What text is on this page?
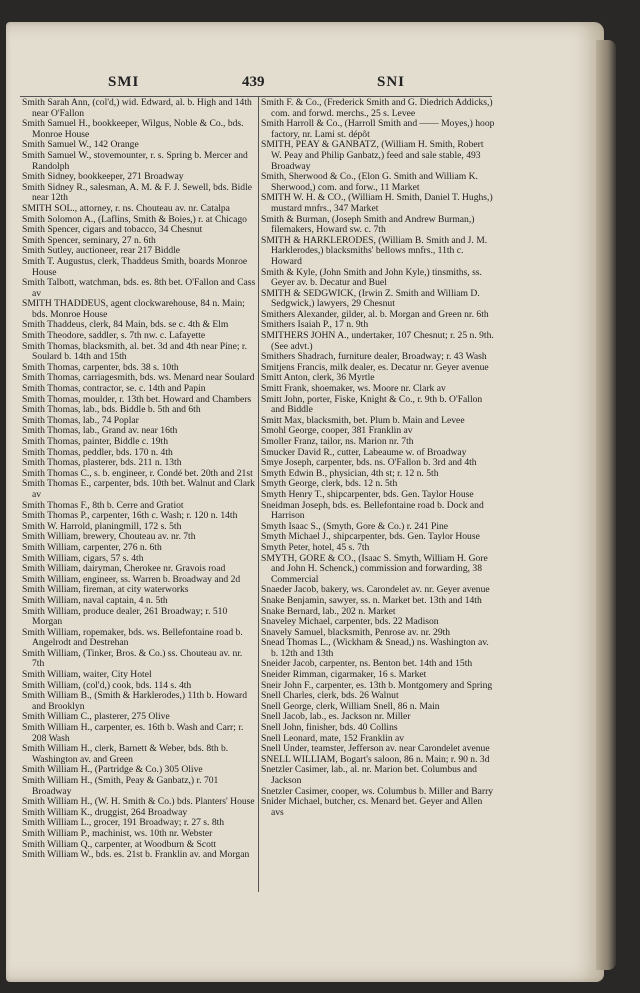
SMI	439	SNI

Smith Sarah Ann, (col'd,) wid. Edward, al. b. High and 14th near O'Fallon

Smith Samuel H., bookkeeper, Wilgus, Noble & Co., bds. Monroe House

Smith Samuel W., 142 Orange

Smith Samuel W., stovemounter, r. s. Spring b. Mercer and Randolph

Smith Sidney, bookkeeper, 271 Broadway

Smith Sidney R., salesman, A. M. & F. J. Sewell, bds. Bidle near 12th

SMITH SOL., attorney, r. ns. Chouteau av. nr. Catalpa

Smith Solomon A., (Laflins, Smith & Boies,) r. at Chicago

Smith Spencer, cigars and tobacco, 34 Chesnut

Smith Spencer, seminary, 27 n. 6th

Smith Sutley, auctioneer, rear 217 Biddle

Smith T. Augustus, clerk, Thaddeus Smith, boards Monroe House

Smith Talbott, watchman, bds. es. 8th bet. O'Fallon and Cass av

SMITH THADDEUS, agent clockwarehouse, 84 n. Main; bds. Monroe House

Smith Thaddeus, clerk, 84 Main, bds. se c. 4th & Elm

Smith Theodore, saddler, s. 7th nw. c. Lafayette

Smith Thomas, blacksmith, al. bet. 3d and 4th near Pine; r. Soulard b. 14th and 15th

Smith Thomas, carpenter, bds. 38 s. 10th

Smith Thomas, carriagesmith, bds. ws. Menard near Soulard

Smith Thomas, contractor, se. c. 14th and Papin

Smith Thomas, moulder, r. 13th bet. Howard and Chambers

Smith Thomas, lab., bds. Biddle b. 5th and 6th

Smith Thomas, lab., 74 Poplar

Smith Thomas, lab., Grand av. near 16th

Smith Thomas, painter, Biddle c. 19th

Smith Thomas, peddler, bds. 170 n. 4th

Smith Thomas, plasterer, bds. 211 n. 13th

Smith Thomas C., s. b. engineer, r. Condé bet. 20th and 21st

Smith Thomas E., carpenter, bds. 10th bet. Walnut and Clark av

Smith Thomas F., 8th b. Cerre and Gratiot

Smith Thomas P., carpenter, 16th c. Wash; r. 120 n. 14th

Smith W. Harrold, planingmill, 172 s. 5th

Smith William, brewery, Chouteau av. nr. 7th

Smith William, carpenter, 276 n. 6th

Smith William, cigars, 57 s. 4th

Smith William, dairyman, Cherokee nr. Gravois road

Smith William, engineer, ss. Warren b. Broadway and 2d

Smith William, fireman, at city waterworks

Smith William, naval captain, 4 n. 5th

Smith William, produce dealer, 261 Broadway; r. 510 Morgan

Smith William, ropemaker, bds. ws. Bellefontaine road b. Angelrodt and Destrehan

Smith William, (Tinker, Bros. & Co.) ss. Chouteau av. nr. 7th

Smith William, waiter, City Hotel

Smith William, (col'd,) cook, bds. 114 s. 4th

Smith William B., (Smith & Harklerodes,) 11th b. Howard and Brooklyn

Smith William C., plasterer, 275 Olive

Smith William H., carpenter, es. 16th b. Wash and Carr; r. 208 Wash

Smith William H., clerk, Barnett & Weber, bds. 8th b. Washington av. and Green

Smith William H., (Partridge & Co.) 305 Olive

Smith William H., (Smith, Peay & Ganbatz,) r. 701 Broadway

Smith William H., (W. H. Smith & Co.) bds. Planters' House

Smith William K., druggist, 264 Broadway

Smith William L., grocer, 191 Broadway; r. 27 s. 8th

Smith William P., machinist, ws. 10th nr. Webster

Smith William Q., carpenter, at Woodburn & Scott

Smith William W., bds. es. 21st b. Franklin av. and Morgan

Smith F. & Co., (Frederick Smith and G. Diedrich Addicks,) com. and forwd. merchs., 25 s. Levee

Smith Harroll & Co., (Harroll Smith and —— Moyes,) hoop factory, nr. Lami st. dépôt

SMITH, PEAY & GANBATZ, (William H. Smith, Robert W. Peay and Philip Ganbatz,) feed and sale stable, 493 Broadway

Smith, Sherwood & Co., (Elon G. Smith and William K. Sherwood,) com. and forw., 11 Market

SMITH W. H. & CO., (William H. Smith, Daniel T. Hughs,) mustard mnfrs., 347 Market

Smith & Burman, (Joseph Smith and Andrew Burman,) filemakers, Howard sw. c. 7th

SMITH & HARKLERODES, (William B. Smith and J. M. Harklerodes,) blacksmiths' bellows mnfrs., 11th c. Howard

Smith & Kyle, (John Smith and John Kyle,) tinsmiths, ss. Geyer av. b. Decatur and Buel

SMITH & SEDGWICK, (Irwin Z. Smith and William D. Sedgwick,) lawyers, 29 Chesnut

Smithers Alexander, gilder, al. b. Morgan and Green nr. 6th

Smithers Isaiah P., 17 n. 9th

SMITHERS JOHN A., undertaker, 107 Chesnut; r. 25 n. 9th. (See advt.)

Smithers Shadrach, furniture dealer, Broadway; r. 43 Wash

Smitjens Francis, milk dealer, es. Decatur nr. Geyer avenue

Smitt Anton, clerk, 36 Myrtle

Smitt Frank, shoemaker, ws. Moore nr. Clark av

Smitt John, porter, Fiske, Knight & Co., r. 9th b. O'Fallon and Biddle

Smitt Max, blacksmith, bet. Plum b. Main and Levee

Smohl George, cooper, 381 Franklin av

Smoller Franz, tailor, ns. Marion nr. 7th

Smucker David R., cutter, Labeaume w. of Broadway

Smye Joseph, carpenter, bds. ns. O'Fallon b. 3rd and 4th

Smyth Edwin B., physician, 4th st; r. 12 n. 5th

Smyth George, clerk, bds. 12 n. 5th

Smyth Henry T., shipcarpenter, bds. Gen. Taylor House

Sneidman Joseph, bds. es. Bellefontaine road b. Dock and Harrison

Smyth Isaac S., (Smyth, Gore & Co.) r. 241 Pine

Smyth Michael J., shipcarpenter, bds. Gen. Taylor House

Smyth Peter, hotel, 45 s. 7th

SMYTH, GORE & CO., (Isaac S. Smyth, William H. Gore and John H. Schenck,) commission and forwarding, 38 Commercial

Snaeder Jacob, bakery, ws. Carondelet av. nr. Geyer avenue

Snake Benjamin, sawyer, ss. n. Market bet. 13th and 14th

Snake Bernard, lab., 202 n. Market

Snaveley Michael, carpenter, bds. 22 Madison

Snavely Samuel, blacksmith, Penrose av. nr. 29th

Snead Thomas L., (Wickham & Snead,) ns. Washington av. b. 12th and 13th

Sneider Jacob, carpenter, ns. Benton bet. 14th and 15th

Sneider Rimman, cigarmaker, 16 s. Market

Sneir John F., carpenter, es. 13th b. Montgomery and Spring

Snell Charles, clerk, bds. 26 Walnut

Snell George, clerk, William Snell, 86 n. Main

Snell Jacob, lab., es. Jackson nr. Miller

Snell John, finisher, bds. 40 Collins

Snell Leonard, mate, 152 Franklin av

Snell Under, teamster, Jefferson av. near Carondelet avenue

SNELL WILLIAM, Bogart's saloon, 86 n. Main; r. 90 n. 3d

Snetzler Casimer, lab., al. nr. Marion bet. Columbus and Jackson

Snetzler Casimer, cooper, ws. Columbus b. Miller and Barry

Snider Michael, butcher, cs. Menard bet. Geyer and Allen avs
